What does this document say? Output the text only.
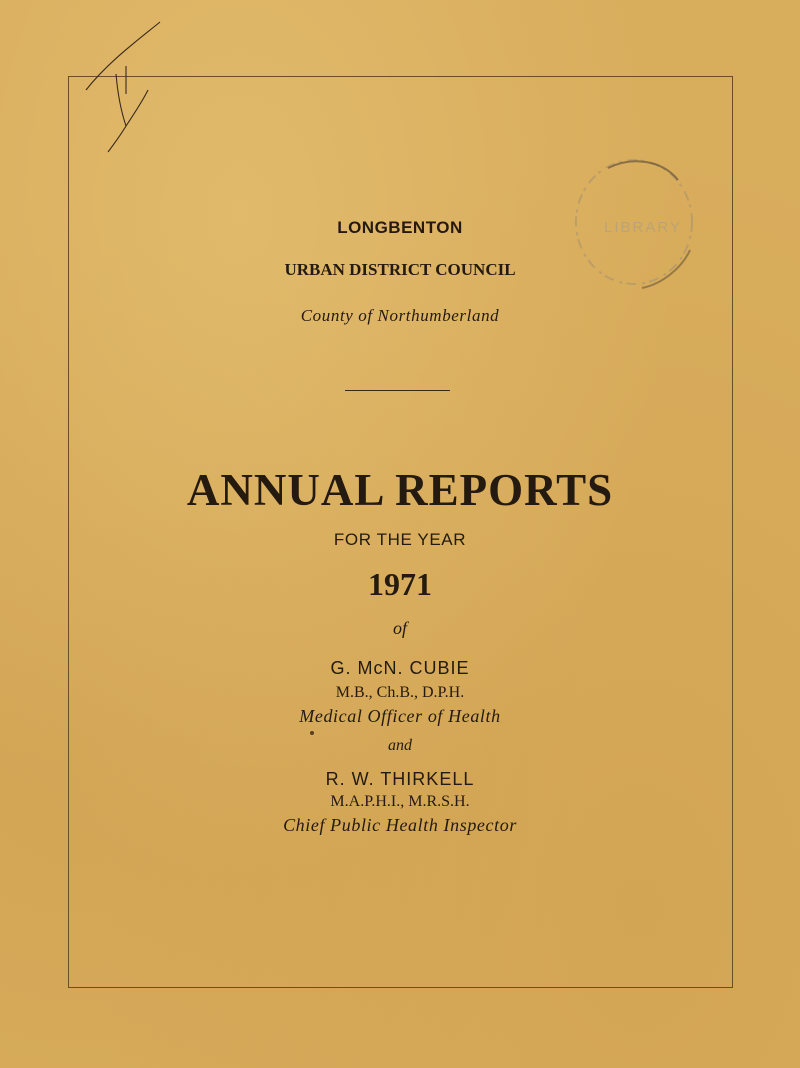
LIBRARY
LONGBENTON
URBAN DISTRICT COUNCIL
County of Northumberland
ANNUAL REPORTS
FOR THE YEAR
1971
of
G. McN. CUBIE
M.B., Ch.B., D.P.H.
Medical Officer of Health
and
R. W. THIRKELL
M.A.P.H.I., M.R.S.H.
Chief Public Health Inspector
